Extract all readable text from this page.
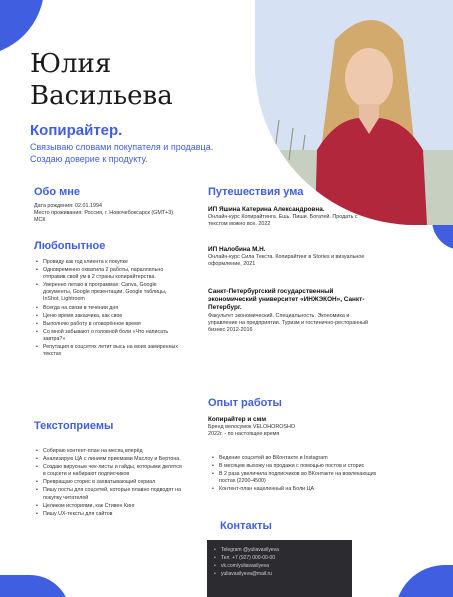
Юлия
Васильева
Копирайтер.
Связываю словами покупателя и продавца.
Создаю доверие к продукту.
Обо мне
Дата рождения: 02.01.1994
Место проживания: Россия, г. Новочебоксарск (GMT+3) МСК
Любопытное
• Провиду как год клиента к покупке
• Одновременно охватила 2 работы, параллельно отправив свой ум в 2 страны копирайтерства.
• Уверенно летаю в программах: Canva, Google документы, Google презентации, Google таблицы, InShot, Lightroom
• Всегда на связи в течении дня
• Ценю время заказчика, как свое
• Выполняю работу в оговорённое время
• Со мной забывают о головной боли «Что написать завтра?»
• Репутация в соцсетях летит высь на моих замиренных текстах
Текстоприемы
• Собираю контент-план на месяц вперёд
• Анализирую ЦА с линиям приемами Маслоу и Бертона.
• Создаю вирусные чек-листы и гайды, которыми делятся в соцсети и набирают подписчиков
• Превращаю сторис в захватывающий сериал
• Пишу посты для соцсетей, которые плавно подводят на покупку читателей
• Целиком историями, как Стивен Кинг
• Пишу UX-тексты для сайтов
Путешествия ума
ИП Яшина Катерина Александровна.
Онлайн-курс Копирайтинга. Ешь. Пиши. Богатей. Продать с текстом можно все. 2022
ИП Налобина М.Н.
Онлайн-курс Сила Текста. Копирайтинг в Stories и визуальное оформление, 2021
Санкт-Петербургский государственный экономический университет «ИНЖЭКОН», Санкт-Петербург.
Факультет экономический. Специальность. Экономика и управление на предприятии. Туризм и гостинично-ресторанный бизнес 2012-2016
Опыт работы
Копирайтер и смм
Бренд велосумок VELOHOROSHO
2022г. - по настоящее время
• Ведение соцсетей во ВКонтакте и Instagram
• В месяцев выхожу на продажи с помощью постов и сторис
• В 2 раза увеличила подписчиков во ВКонтакте на вовлекающих постах (2200-4500)
• Контент-план нацеленный на Боли ЦА
Контакты
• Telegram @yuliavasilyeva
• Тел. +7 (927) 000-00-00
• vk.com/yuliavasilyeva
• yuliavasilyeva@mail.ru
